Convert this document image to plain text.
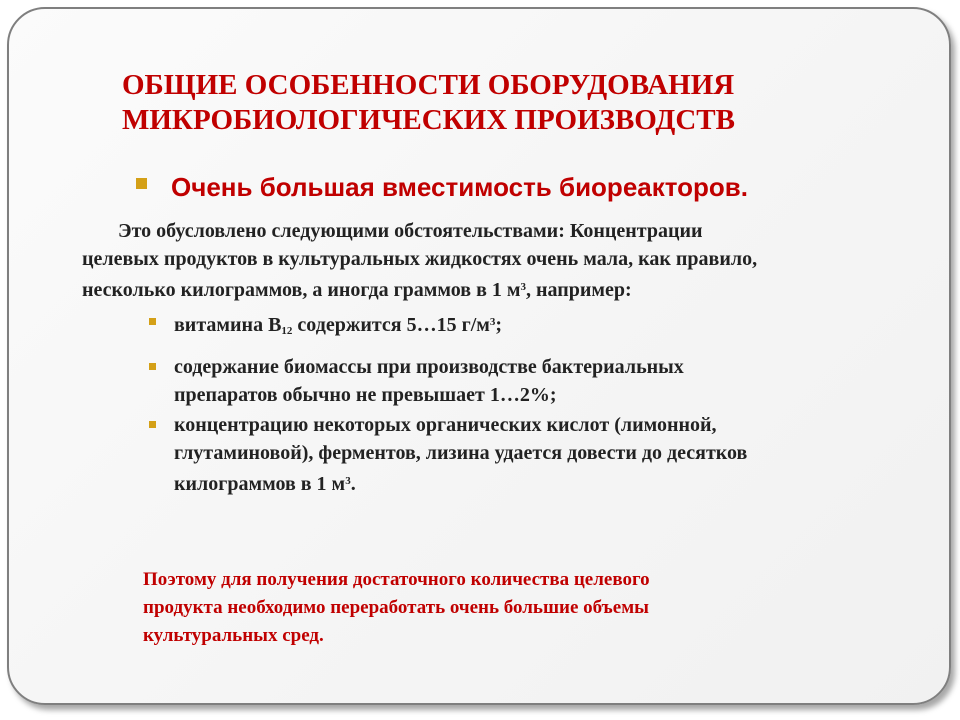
ОБЩИЕ ОСОБЕННОСТИ ОБОРУДОВАНИЯ
МИКРОБИОЛОГИЧЕСКИХ ПРОИЗВОДСТВ
Очень большая вместимость биореакторов.
Это обусловлено следующими обстоятельствами: Концентрации
целевых продуктов в культуральных жидкостях очень мала, как правило,
несколько килограммов, а иногда граммов в 1 $м^3$, например:
витамина $В_{12}$ содержится 5…15 $г/м^3$;
содержание биомассы при производстве бактериальных
препаратов обычно не превышает 1…2%;
концентрацию некоторых органических кислот (лимонной,
глутаминовой), ферментов, лизина удается довести до десятков
килограммов в 1 $м^3$.
Поэтому для получения достаточного количества целевого
продукта необходимо переработать очень большие объемы
культуральных сред.
